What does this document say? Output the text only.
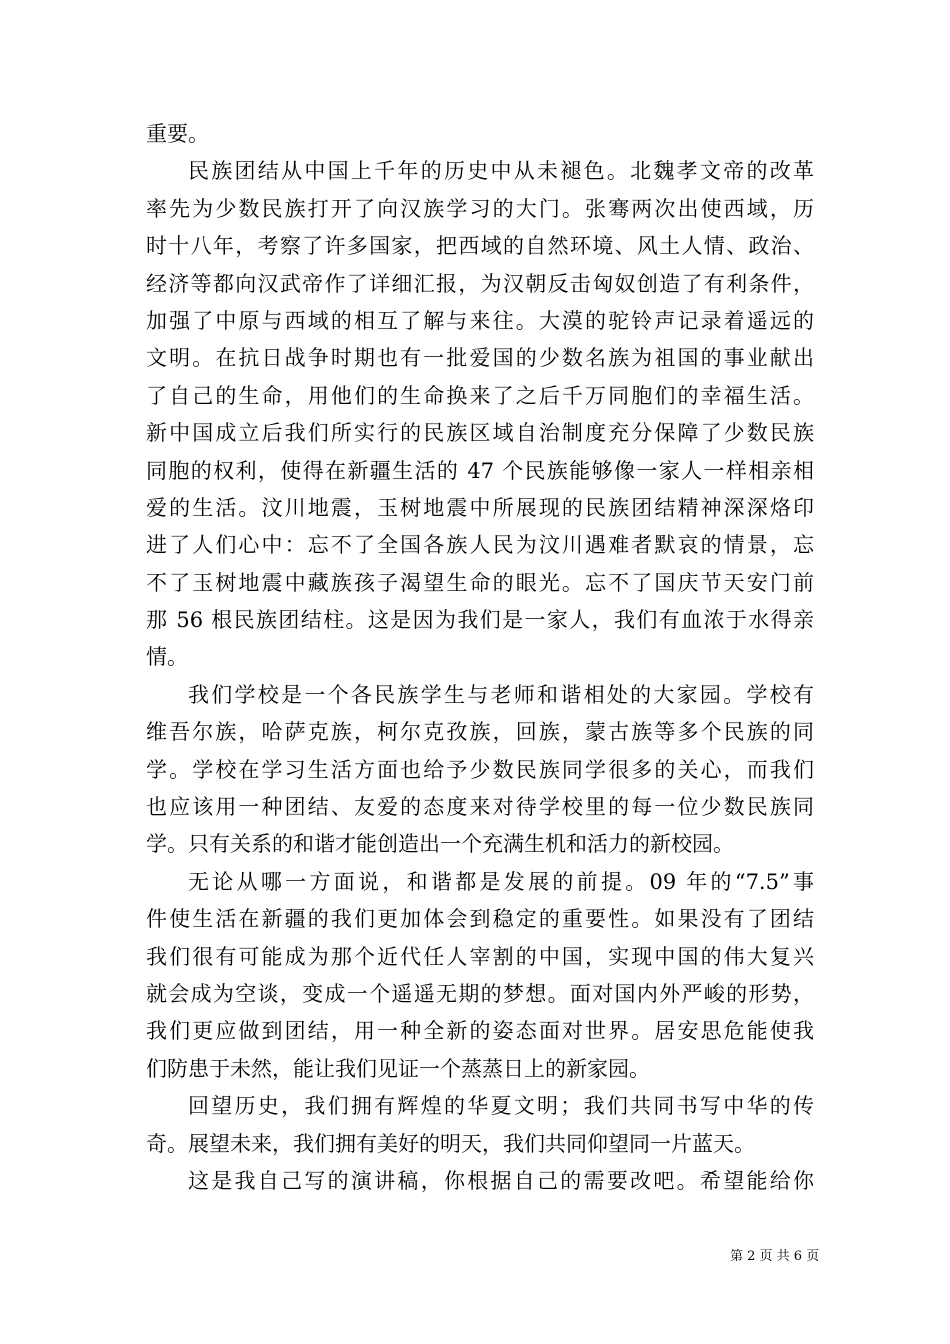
重要。
民族团结从中国上千年的历史中从未褪色。北魏孝文帝的改革
率先为少数民族打开了向汉族学习的大门。张骞两次出使西域，历
时十八年，考察了许多国家，把西域的自然环境、风土人情、政治、
经济等都向汉武帝作了详细汇报，为汉朝反击匈奴创造了有利条件，
加强了中原与西域的相互了解与来往。大漠的驼铃声记录着遥远的
文明。在抗日战争时期也有一批爱国的少数名族为祖国的事业献出
了自己的生命，用他们的生命换来了之后千万同胞们的幸福生活。
新中国成立后我们所实行的民族区域自治制度充分保障了少数民族
同胞的权利，使得在新疆生活的 47 个民族能够像一家人一样相亲相
爱的生活。汶川地震，玉树地震中所展现的民族团结精神深深烙印
进了人们心中：忘不了全国各族人民为汶川遇难者默哀的情景，忘
不了玉树地震中藏族孩子渴望生命的眼光。忘不了国庆节天安门前
那 56 根民族团结柱。这是因为我们是一家人，我们有血浓于水得亲
情。
我们学校是一个各民族学生与老师和谐相处的大家园。学校有
维吾尔族，哈萨克族，柯尔克孜族，回族，蒙古族等多个民族的同
学。学校在学习生活方面也给予少数民族同学很多的关心，而我们
也应该用一种团结、友爱的态度来对待学校里的每一位少数民族同
学。只有关系的和谐才能创造出一个充满生机和活力的新校园。
无论从哪一方面说，和谐都是发展的前提。09 年的“7.5”事
件使生活在新疆的我们更加体会到稳定的重要性。如果没有了团结
我们很有可能成为那个近代任人宰割的中国，实现中国的伟大复兴
就会成为空谈，变成一个遥遥无期的梦想。面对国内外严峻的形势，
我们更应做到团结，用一种全新的姿态面对世界。居安思危能使我
们防患于未然，能让我们见证一个蒸蒸日上的新家园。
回望历史，我们拥有辉煌的华夏文明；我们共同书写中华的传
奇。展望未来，我们拥有美好的明天，我们共同仰望同一片蓝天。
这是我自己写的演讲稿，你根据自己的需要改吧。希望能给你
第 2 页 共 6 页
